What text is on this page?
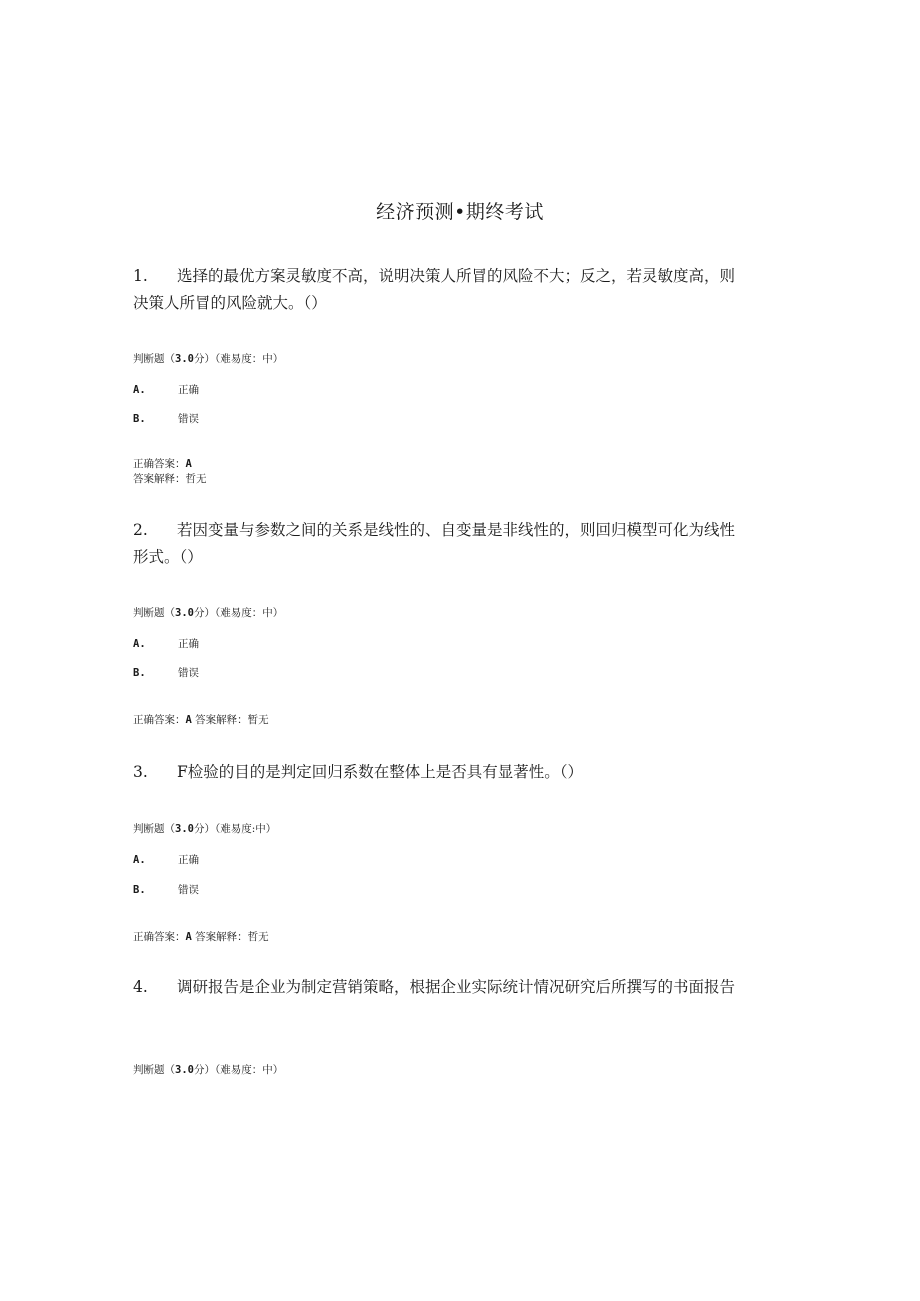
经济预测•期终考试

1. 选择的最优方案灵敏度不高，说明决策人所冒的风险不大；反之，若灵敏度高，则决策人所冒的风险就大。（）

判断题（3.0分）（难易度：中）
A.	正确
B.	错误
正确答案：A
答案解释：哲无

2. 若因变量与参数之间的关系是线性的、自变量是非线性的，则回归模型可化为线性形式。（）

判断题（3.0分）（难易度：中）
A.	正确
B.	错误
正确答案：A 答案解释：暂无

3. F检验的目的是判定回归系数在整体上是否具有显著性。（）

判断题（3.0分）（难易度:中）
A.	正确
B.	错误
正确答案：A 答案解释：哲无

4. 调研报告是企业为制定营销策略，根据企业实际统计情况研究后所撰写的书面报告

判断题（3.0分）（难易度：中）
